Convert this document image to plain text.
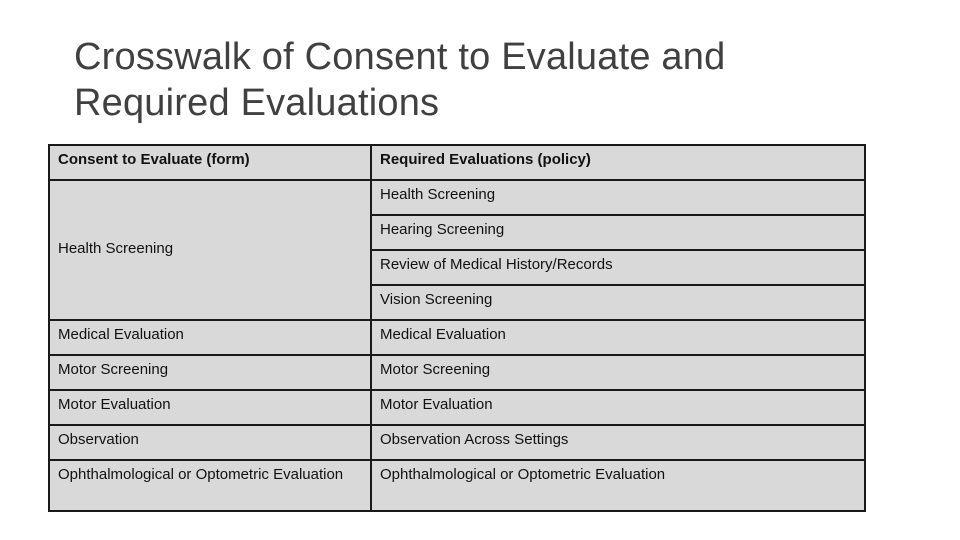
Crosswalk of Consent to Evaluate and
Required Evaluations
Consent to Evaluate (form)	Required Evaluations (policy)
Health Screening	Health Screening
	Hearing Screening
	Review of Medical History/Records
	Vision Screening
Medical Evaluation	Medical Evaluation
Motor Screening	Motor Screening
Motor Evaluation	Motor Evaluation
Observation	Observation Across Settings
Ophthalmological or Optometric Evaluation	Ophthalmological or Optometric Evaluation
